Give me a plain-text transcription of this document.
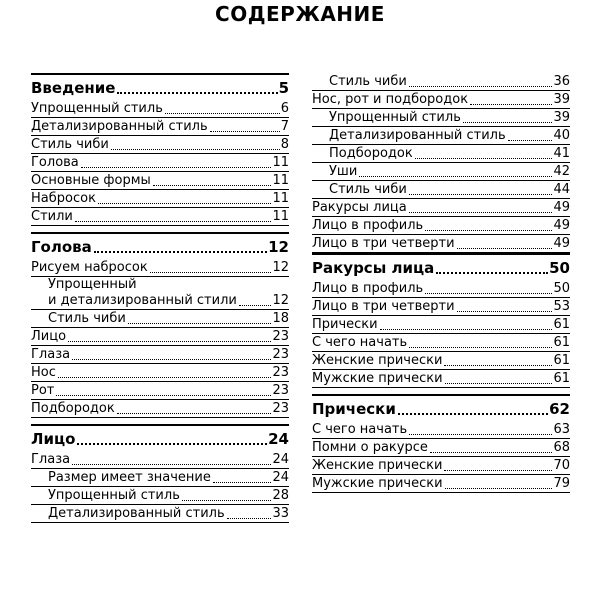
СОДЕРЖАНИЕ
Введение	5
Упрощенный стиль	6
Детализированный стиль	7
Стиль чиби	8
Голова	11
Основные формы	11
Набросок	11
Стили	11
Голова	12
Рисуем набросок	12
Упрощенный
и детализированный стили	12
Стиль чиби	18
Лицо	23
Глаза	23
Нос	23
Рот	23
Подбородок	23
Лицо	24
Глаза	24
Размер имеет значение	24
Упрощенный стиль	28
Детализированный стиль	33
Стиль чиби	36
Нос, рот и подбородок	39
Упрощенный стиль	39
Детализированный стиль	40
Подбородок	41
Уши	42
Стиль чиби	44
Ракурсы лица	49
Лицо в профиль	49
Лицо в три четверти	49
Ракурсы лица	50
Лицо в профиль	50
Лицо в три четверти	53
Прически	61
С чего начать	61
Женские прически	61
Мужские прически	61
Прически	62
С чего начать	63
Помни о ракурсе	68
Женские прически	70
Мужские прически	79
